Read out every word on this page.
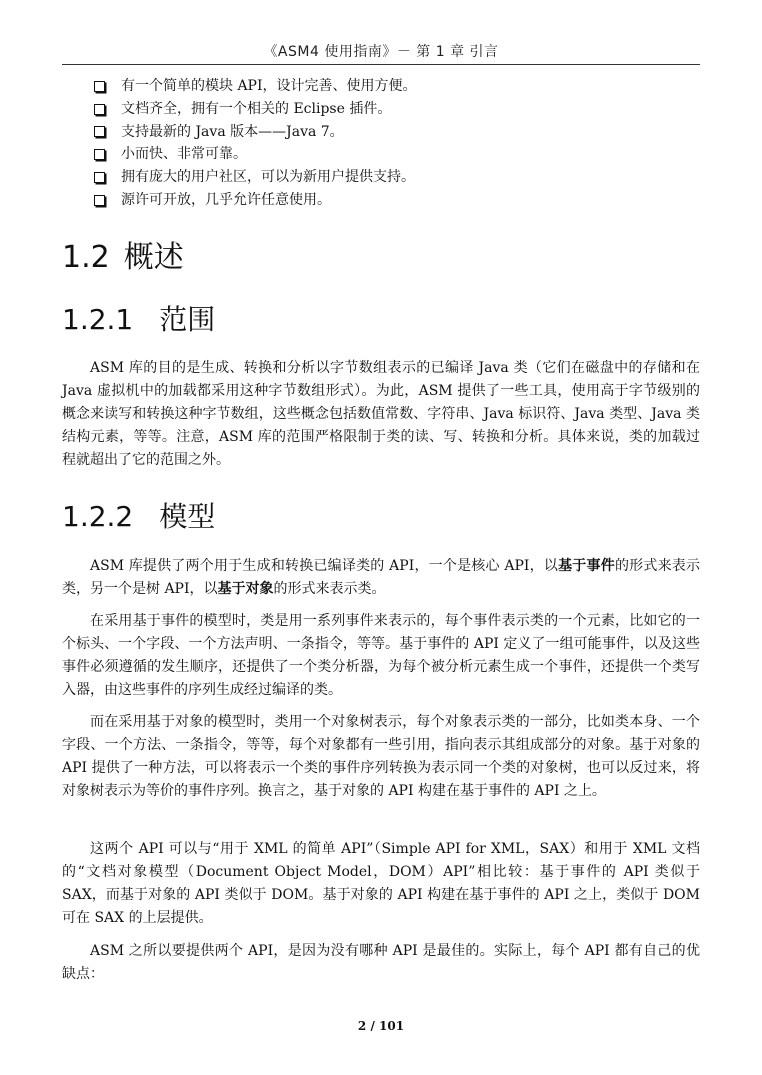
《ASM4 使用指南》－ 第 1 章 引言
有一个简单的模块 API，设计完善、使用方便。
文档齐全，拥有一个相关的 Eclipse 插件。
支持最新的 Java 版本——Java 7。
小而快、非常可靠。
拥有庞大的用户社区，可以为新用户提供支持。
源许可开放，几乎允许任意使用。
1.2 概述
1.2.1 范围

ASM 库的目的是生成、转换和分析以字节数组表示的已编译 Java 类（它们在磁盘中的存储和在 Java 虚拟机中的加载都采用这种字节数组形式）。为此，ASM 提供了一些工具，使用高于字节级别的概念来读写和转换这种字节数组，这些概念包括数值常数、字符串、Java 标识符、Java 类型、Java 类结构元素，等等。注意，ASM 库的范围严格限制于类的读、写、转换和分析。具体来说，类的加载过程就超出了它的范围之外。

1.2.2 模型

ASM 库提供了两个用于生成和转换已编译类的 API，一个是核心 API，以基于事件的形式来表示类，另一个是树 API，以基于对象的形式来表示类。

在采用基于事件的模型时，类是用一系列事件来表示的，每个事件表示类的一个元素，比如它的一个标头、一个字段、一个方法声明、一条指令，等等。基于事件的 API 定义了一组可能事件，以及这些事件必须遵循的发生顺序，还提供了一个类分析器，为每个被分析元素生成一个事件，还提供一个类写入器，由这些事件的序列生成经过编译的类。

而在采用基于对象的模型时，类用一个对象树表示，每个对象表示类的一部分，比如类本身、一个字段、一个方法、一条指令，等等，每个对象都有一些引用，指向表示其组成部分的对象。基于对象的 API 提供了一种方法，可以将表示一个类的事件序列转换为表示同一个类的对象树，也可以反过来，将对象树表示为等价的事件序列。换言之，基于对象的 API 构建在基于事件的 API 之上。

这两个 API 可以与“用于 XML 的简单 API”（Simple API for XML，SAX）和用于 XML 文档的“文档对象模型（Document Object Model，DOM）API”相比较：基于事件的 API 类似于 SAX，而基于对象的 API 类似于 DOM。基于对象的 API 构建在基于事件的 API 之上，类似于 DOM 可在 SAX 的上层提供。

ASM 之所以要提供两个 API，是因为没有哪种 API 是最佳的。实际上，每个 API 都有自己的优缺点：

2 / 101
